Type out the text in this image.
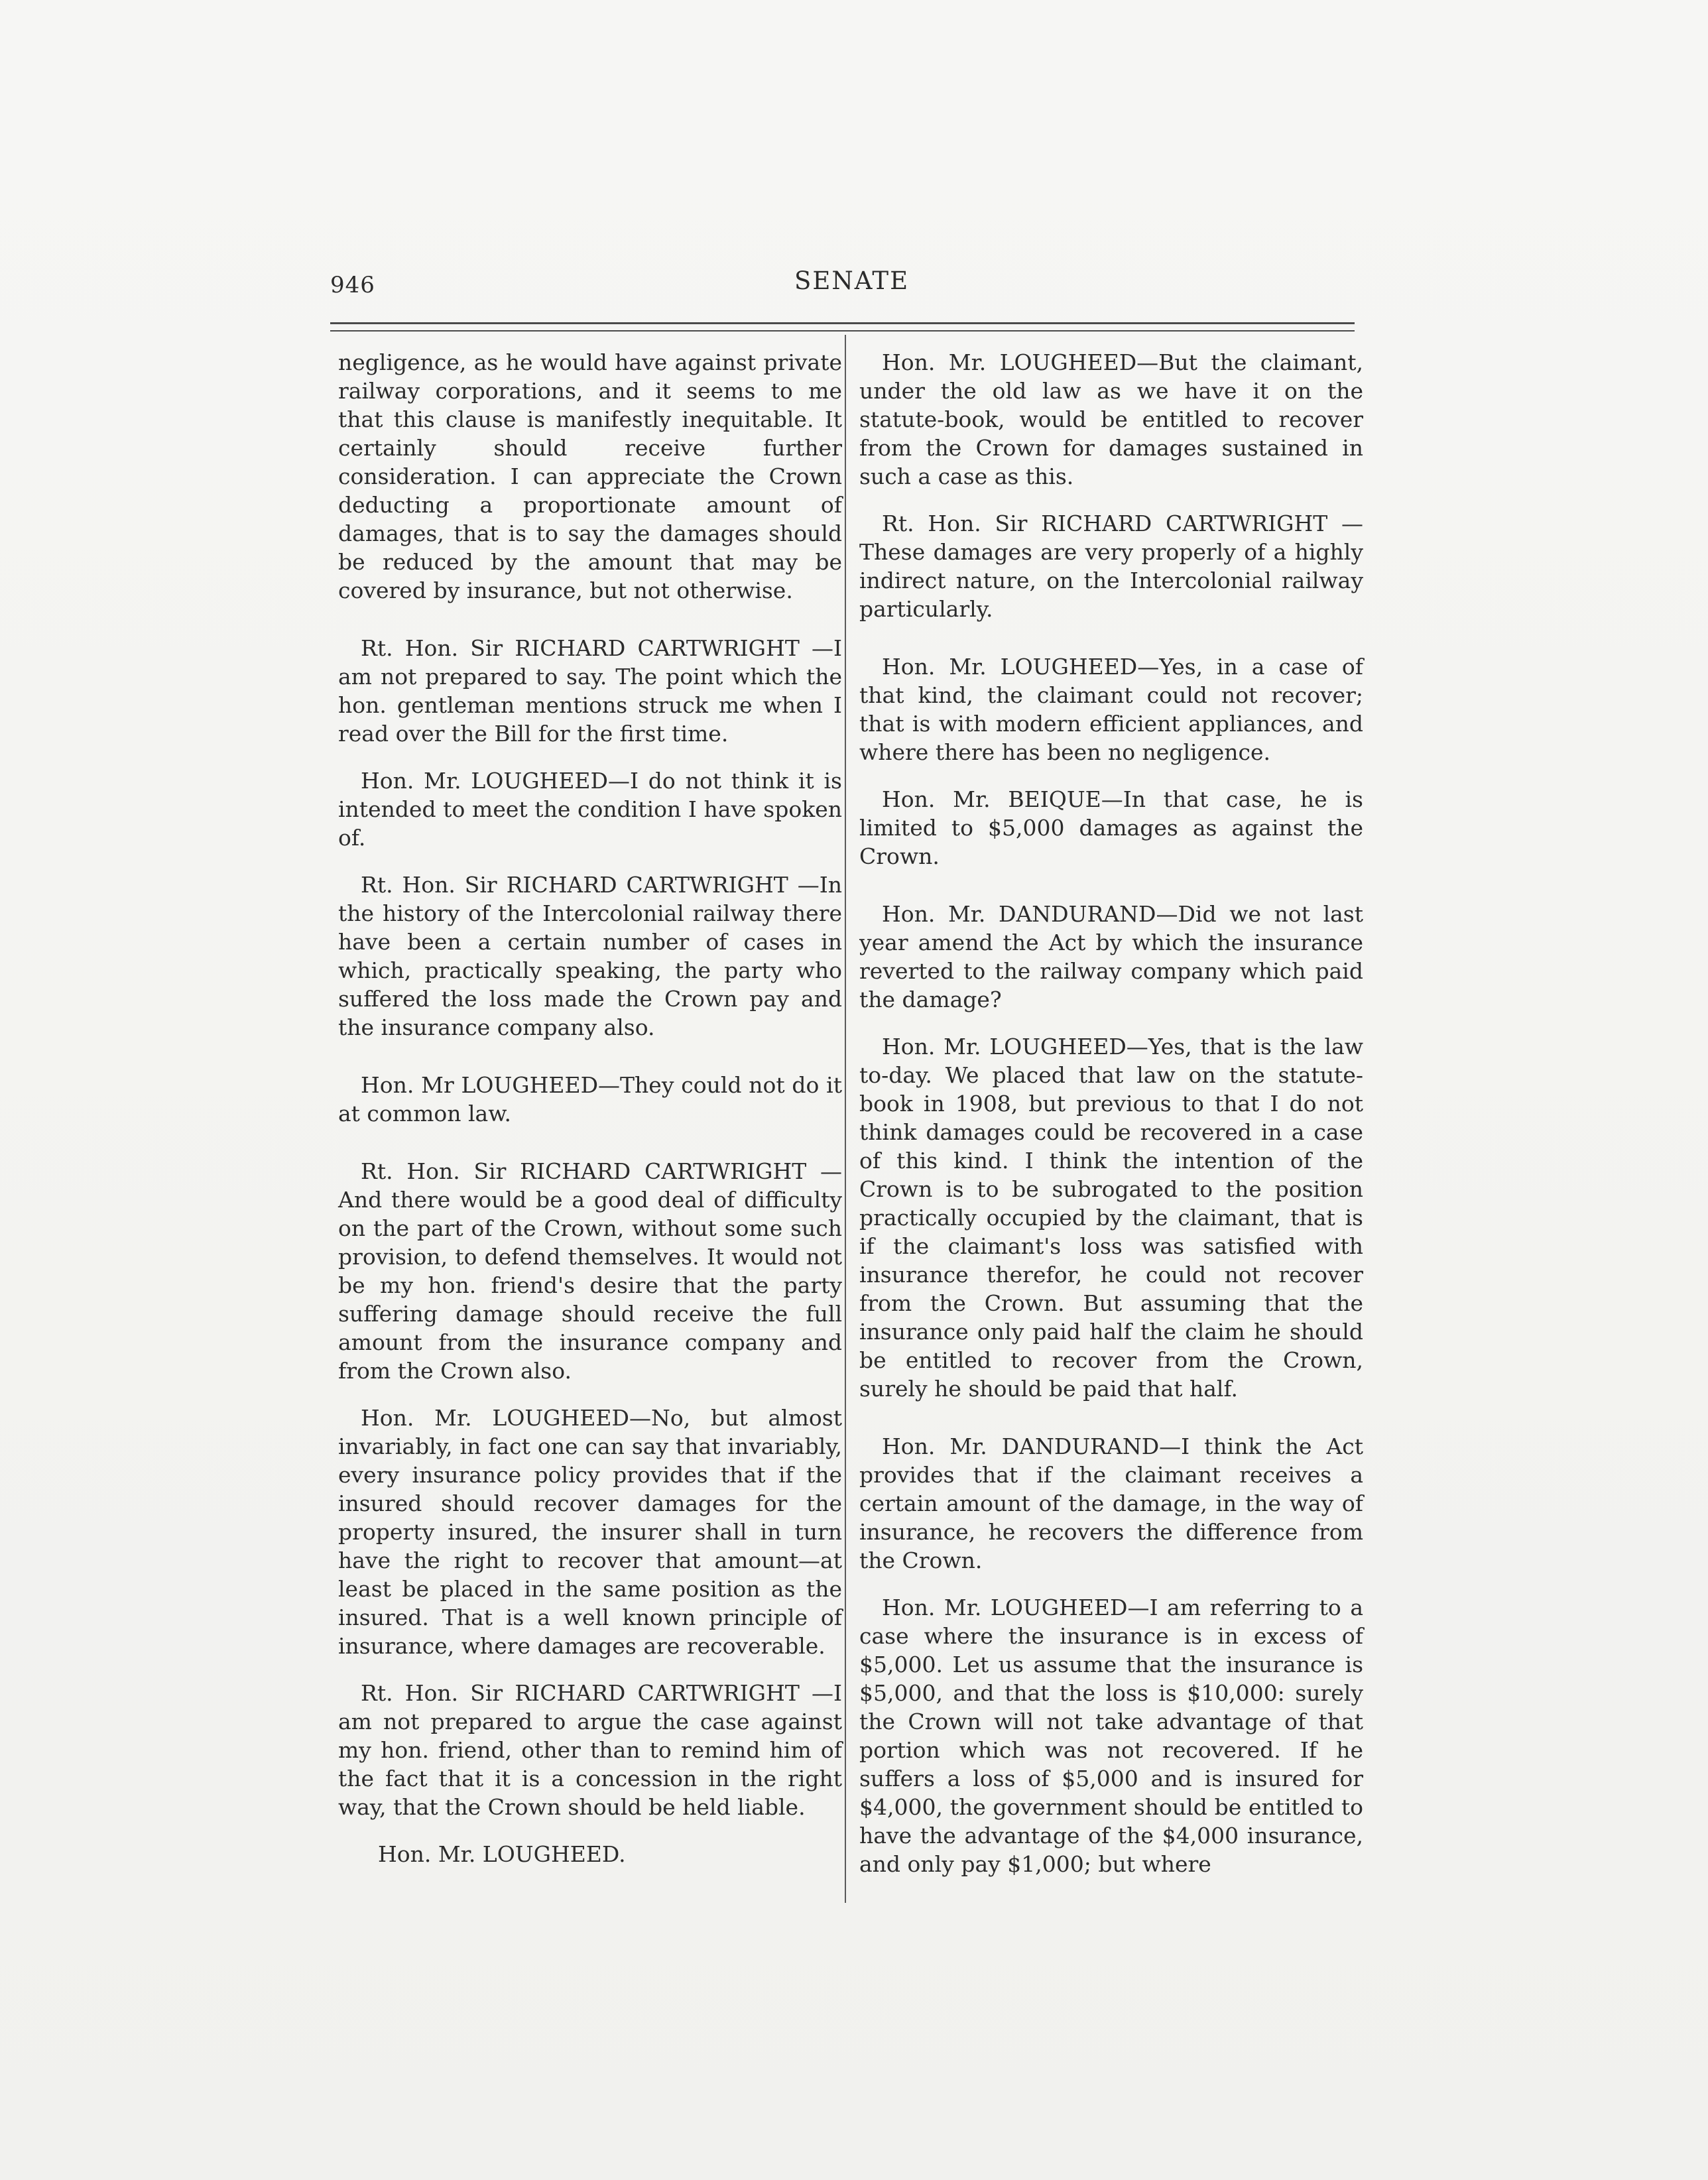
946	SENATE

negligence, as he would have against private railway corporations, and it seems to me that this clause is manifestly inequitable. It certainly should receive further consideration. I can appreciate the Crown deducting a proportionate amount of damages, that is to say the damages should be reduced by the amount that may be covered by insurance, but not otherwise.

Rt. Hon. Sir RICHARD CARTWRIGHT —I am not prepared to say. The point which the hon. gentleman mentions struck me when I read over the Bill for the first time.

Hon. Mr. LOUGHEED—I do not think it is intended to meet the condition I have spoken of.

Rt. Hon. Sir RICHARD CARTWRIGHT —In the history of the Intercolonial railway there have been a certain number of cases in which, practically speaking, the party who suffered the loss made the Crown pay and the insurance company also.

Hon. Mr LOUGHEED—They could not do it at common law.

Rt. Hon. Sir RICHARD CARTWRIGHT —And there would be a good deal of difficulty on the part of the Crown, without some such provision, to defend themselves. It would not be my hon. friend's desire that the party suffering damage should receive the full amount from the insurance company and from the Crown also.

Hon. Mr. LOUGHEED—No, but almost invariably, in fact one can say that invariably, every insurance policy provides that if the insured should recover damages for the property insured, the insurer shall in turn have the right to recover that amount—at least be placed in the same position as the insured. That is a well known principle of insurance, where damages are recoverable.

Rt. Hon. Sir RICHARD CARTWRIGHT —I am not prepared to argue the case against my hon. friend, other than to remind him of the fact that it is a concession in the right way, that the Crown should be held liable.

Hon. Mr. LOUGHEED.

Hon. Mr. LOUGHEED—But the claimant, under the old law as we have it on the statute-book, would be entitled to recover from the Crown for damages sustained in such a case as this.

Rt. Hon. Sir RICHARD CARTWRIGHT —These damages are very properly of a highly indirect nature, on the Intercolonial railway particularly.

Hon. Mr. LOUGHEED—Yes, in a case of that kind, the claimant could not recover; that is with modern efficient appliances, and where there has been no negligence.

Hon. Mr. BEIQUE—In that case, he is limited to $5,000 damages as against the Crown.

Hon. Mr. DANDURAND—Did we not last year amend the Act by which the insurance reverted to the railway company which paid the damage?

Hon. Mr. LOUGHEED—Yes, that is the law to-day. We placed that law on the statute-book in 1908, but previous to that I do not think damages could be recovered in a case of this kind. I think the intention of the Crown is to be subrogated to the position practically occupied by the claimant, that is if the claimant's loss was satisfied with insurance therefor, he could not recover from the Crown. But assuming that the insurance only paid half the claim he should be entitled to recover from the Crown, surely he should be paid that half.

Hon. Mr. DANDURAND—I think the Act provides that if the claimant receives a certain amount of the damage, in the way of insurance, he recovers the difference from the Crown.

Hon. Mr. LOUGHEED—I am referring to a case where the insurance is in excess of $5,000. Let us assume that the insurance is $5,000, and that the loss is $10,000: surely the Crown will not take advantage of that portion which was not recovered. If he suffers a loss of $5,000 and is insured for $4,000, the government should be entitled to have the advantage of the $4,000 insurance, and only pay $1,000; but where
